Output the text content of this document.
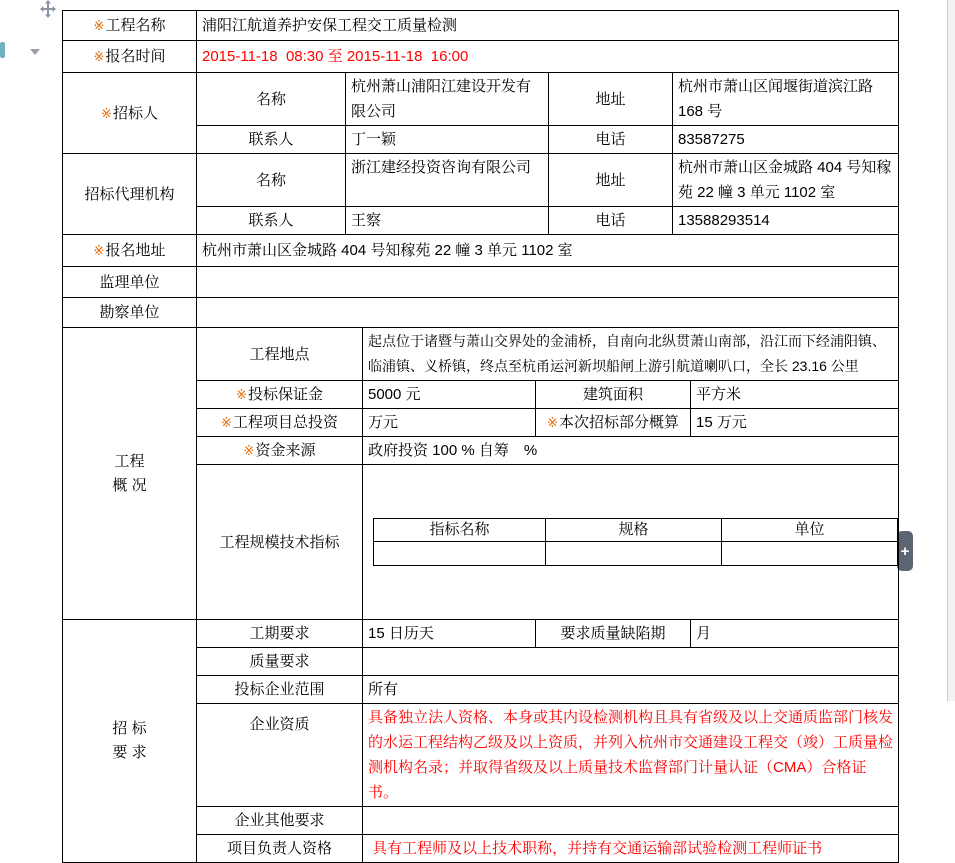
+
※工程名称	浦阳江航道养护安保工程交工质量检测
※报名时间	2015-11-18  08:30 至 2015-11-18  16:00
※招标人	名称	杭州萧山浦阳江建设开发有限公司	地址	杭州市萧山区闻堰街道滨江路 168 号
联系人	丁一颖	电话	83587275
招标代理机构	名称	浙江建经投资咨询有限公司	地址	杭州市萧山区金城路 404 号知稼苑 22 幢 3 单元 1102 室
联系人	王察	电话	13588293514
※报名地址	杭州市萧山区金城路 404 号知稼苑 22 幢 3 单元 1102 室
监理单位	
勘察单位	

工程
概 况

	工程地点	起点位于诸暨与萧山交界处的金浦桥，自南向北纵贯萧山南部，沿江而下经浦阳镇、临浦镇、义桥镇，终点至杭甬运河新坝船闸上游引航道喇叭口，全长 23.16 公里
※投标保证金	5000 元	建筑面积	平方米
※工程项目总投资	万元	※本次招标部分概算	15 万元
※资金来源	政府投资 100 % 自筹　%
工程规模技术指标	

指标名称	规格	单位

招 标
要 求

	工期要求	15 日历天	要求质量缺陷期	月
质量要求	
投标企业范围	所有
企业资质	具备独立法人资格、本身或其内设检测机构且具有省级及以上交通质监部门核发的水运工程结构乙级及以上资质，并列入杭州市交通建设工程交（竣）工质量检测机构名录；并取得省级及以上质量技术监督部门计量认证（CMA）合格证书。
企业其他要求	
项目负责人资格	具有工程师及以上技术职称，并持有交通运输部试验检测工程师证书
